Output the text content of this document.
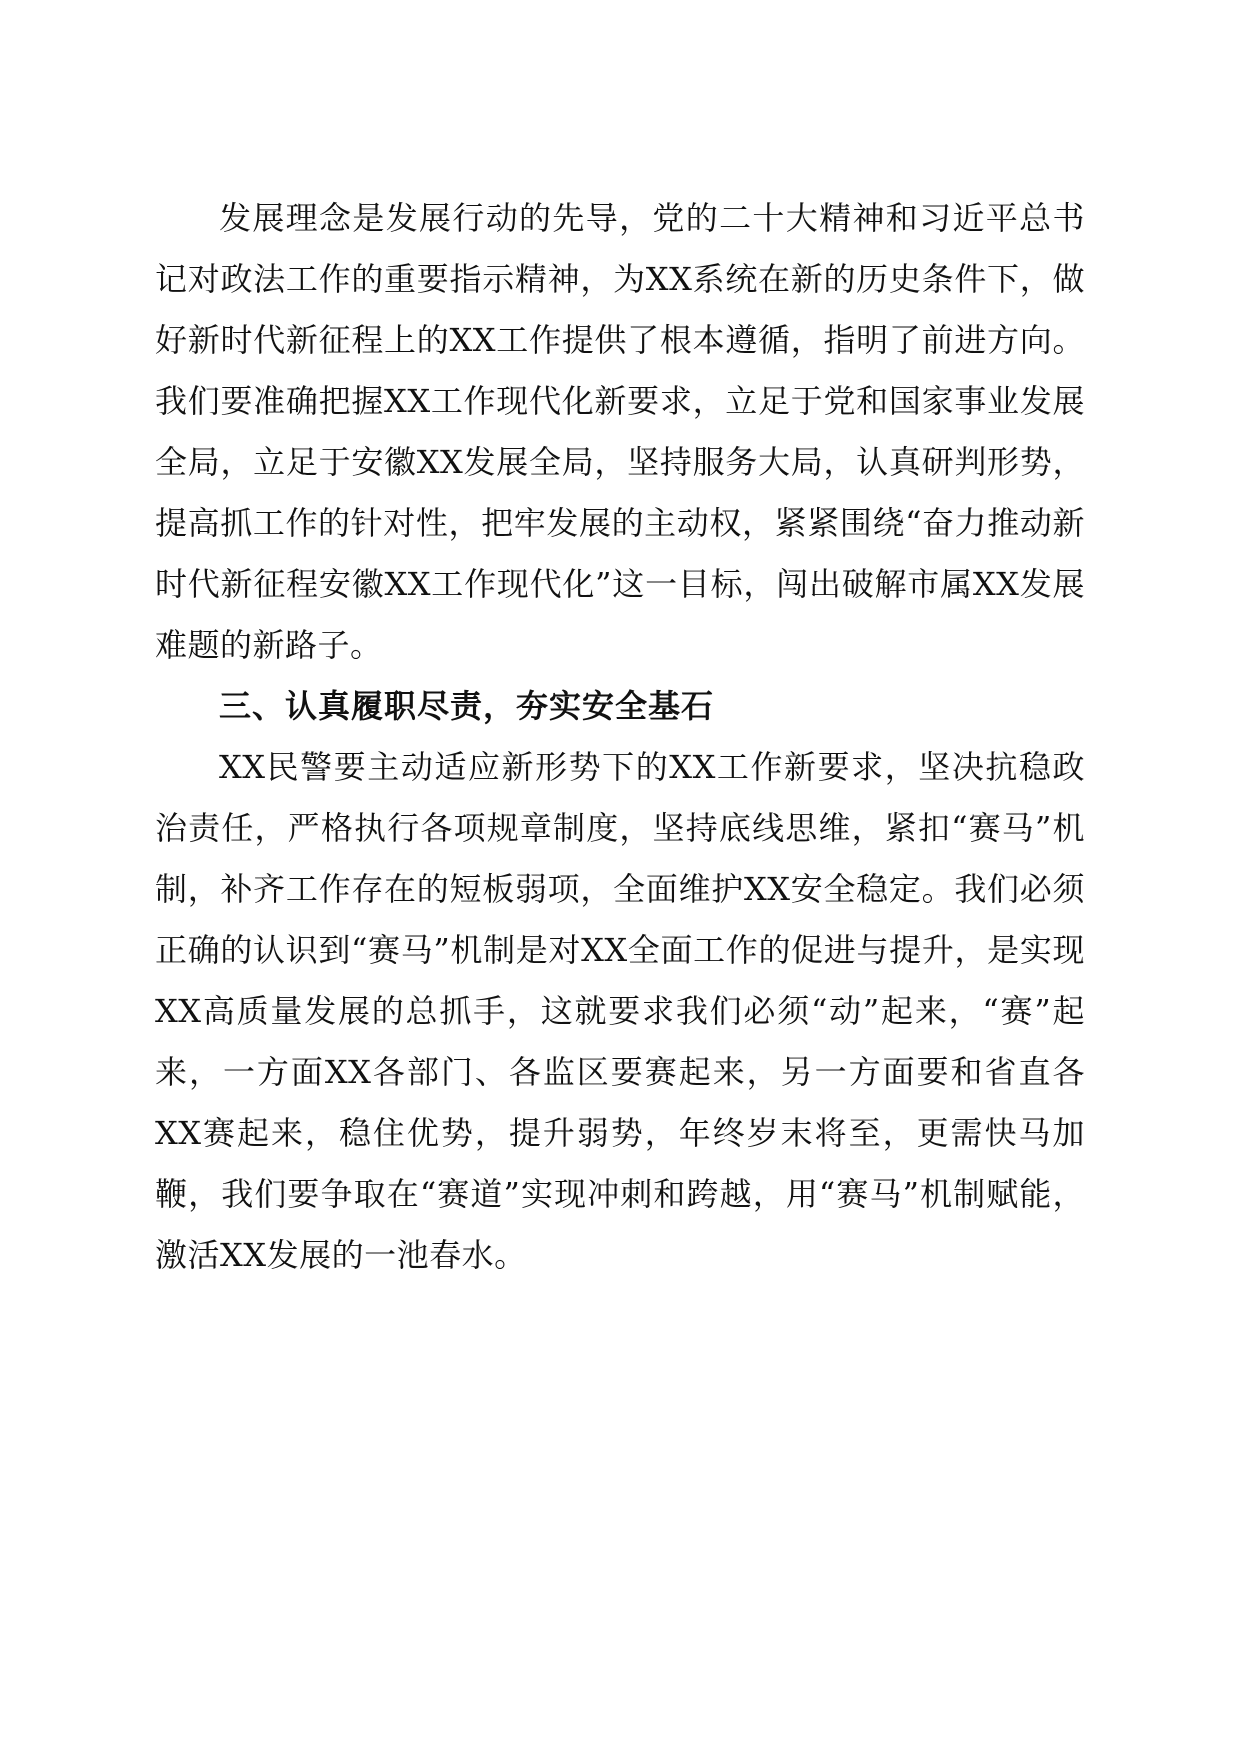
发展理念是发展行动的先导，党的二十大精神和习近平总书记对政法工作的重要指示精神，为XX系统在新的历史条件下，做好新时代新征程上的XX工作提供了根本遵循，指明了前进方向。我们要准确把握XX工作现代化新要求，立足于党和国家事业发展全局，立足于安徽XX发展全局，坚持服务大局，认真研判形势，提高抓工作的针对性，把牢发展的主动权，紧紧围绕“奋力推动新时代新征程安徽XX工作现代化”这一目标，闯出破解市属XX发展难题的新路子。

三、认真履职尽责，夯实安全基石

XX民警要主动适应新形势下的XX工作新要求，坚决抗稳政治责任，严格执行各项规章制度，坚持底线思维，紧扣“赛马”机制，补齐工作存在的短板弱项，全面维护XX安全稳定。我们必须正确的认识到“赛马”机制是对XX全面工作的促进与提升，是实现XX高质量发展的总抓手，这就要求我们必须“动”起来，“赛”起来，一方面XX各部门、各监区要赛起来，另一方面要和省直各XX赛起来，稳住优势，提升弱势，年终岁末将至，更需快马加鞭，我们要争取在“赛道”实现冲刺和跨越，用“赛马”机制赋能，激活XX发展的一池春水。
